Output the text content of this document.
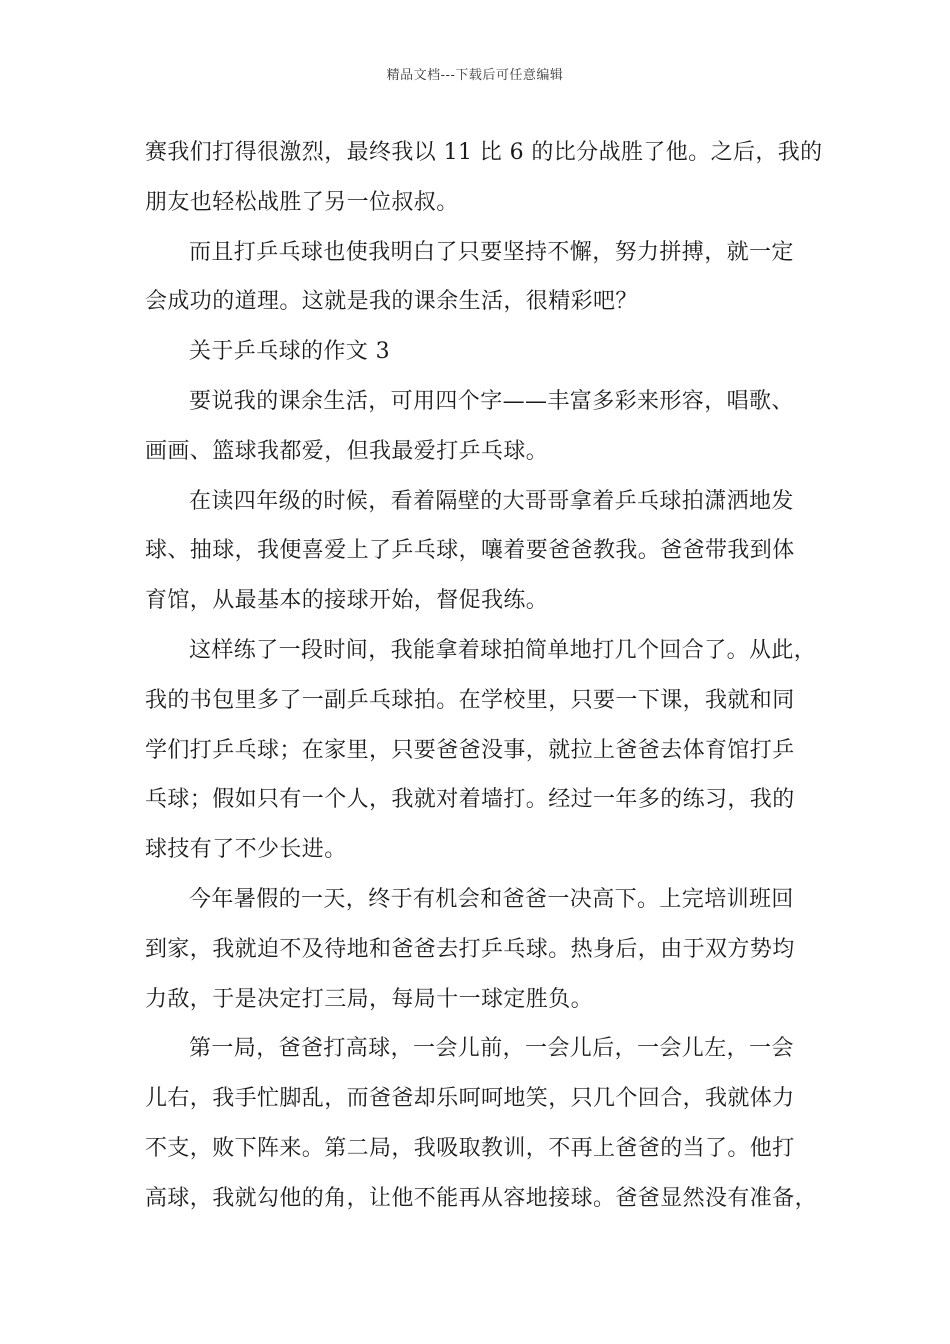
精品文档---下载后可任意编辑
赛我们打得很激烈，最终我以 11 比 6 的比分战胜了他。之后，我的
朋友也轻松战胜了另一位叔叔。
而且打乒乓球也使我明白了只要坚持不懈，努力拼搏，就一定
会成功的道理。这就是我的课余生活，很精彩吧？
关于乒乓球的作文 3
要说我的课余生活，可用四个字——丰富多彩来形容，唱歌、
画画、篮球我都爱，但我最爱打乒乓球。
在读四年级的时候，看着隔壁的大哥哥拿着乒乓球拍潇洒地发
球、抽球，我便喜爱上了乒乓球，嚷着要爸爸教我。爸爸带我到体
育馆，从最基本的接球开始，督促我练。
这样练了一段时间，我能拿着球拍简单地打几个回合了。从此，
我的书包里多了一副乒乓球拍。在学校里，只要一下课，我就和同
学们打乒乓球；在家里，只要爸爸没事，就拉上爸爸去体育馆打乒
乓球；假如只有一个人，我就对着墙打。经过一年多的练习，我的
球技有了不少长进。
今年暑假的一天，终于有机会和爸爸一决高下。上完培训班回
到家，我就迫不及待地和爸爸去打乒乓球。热身后，由于双方势均
力敌，于是决定打三局，每局十一球定胜负。
第一局，爸爸打高球，一会儿前，一会儿后，一会儿左，一会
儿右，我手忙脚乱，而爸爸却乐呵呵地笑，只几个回合，我就体力
不支，败下阵来。第二局，我吸取教训，不再上爸爸的当了。他打
高球，我就勾他的角，让他不能再从容地接球。爸爸显然没有准备，
